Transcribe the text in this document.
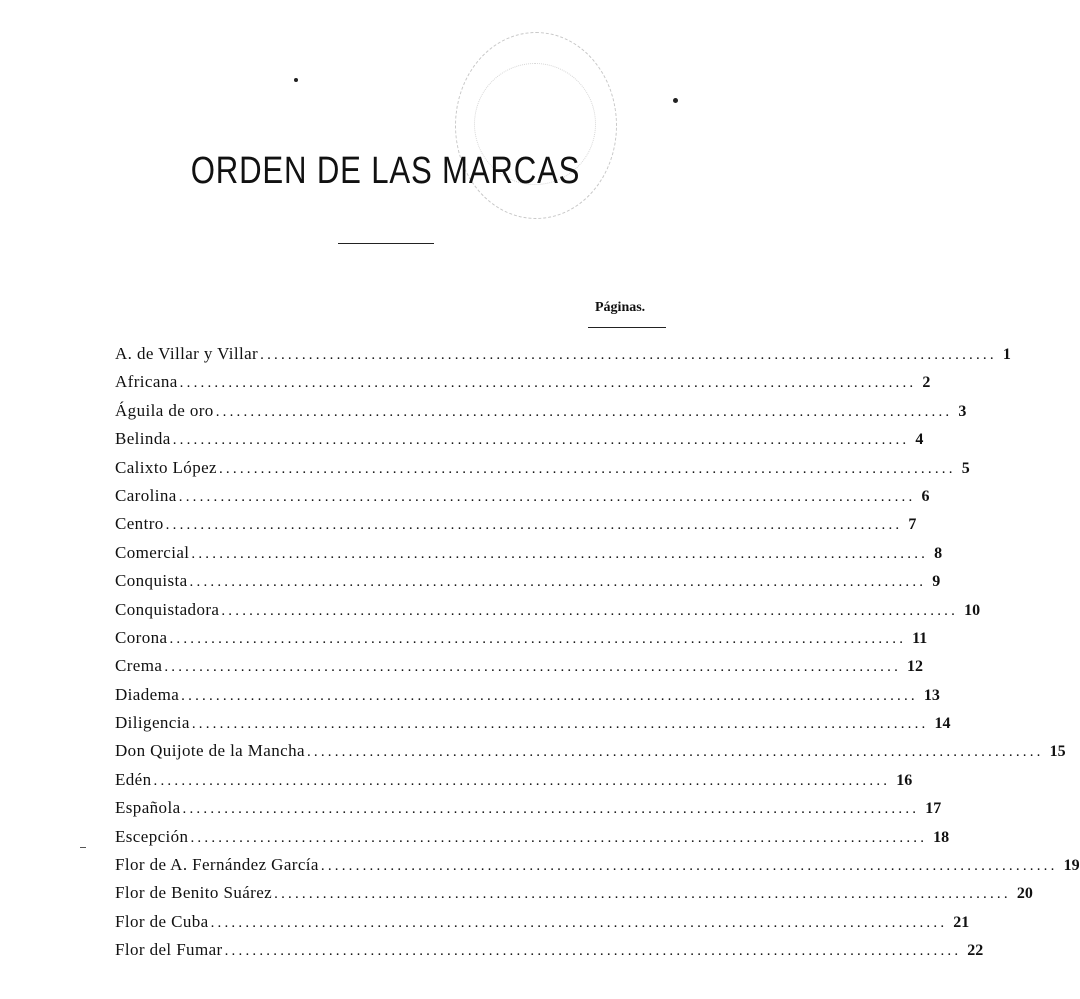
ORDEN DE LAS MARCAS
Páginas.
A. de Villar y Villar .......................................................................................................... 1
Africana .......................................................................................................... 2
Águila de oro .......................................................................................................... 3
Belinda .......................................................................................................... 4
Calixto López .......................................................................................................... 5
Carolina .......................................................................................................... 6
Centro .......................................................................................................... 7
Comercial .......................................................................................................... 8
Conquista .......................................................................................................... 9
Conquistadora .......................................................................................................... 10
Corona .......................................................................................................... 11
Crema .......................................................................................................... 12
Diadema .......................................................................................................... 13
Diligencia .......................................................................................................... 14
Don Quijote de la Mancha .......................................................................................................... 15
Edén .......................................................................................................... 16
Española .......................................................................................................... 17
Escepción .......................................................................................................... 18
Flor de A. Fernández García .......................................................................................................... 19
Flor de Benito Suárez .......................................................................................................... 20
Flor de Cuba .......................................................................................................... 21
Flor del Fumar .......................................................................................................... 22
